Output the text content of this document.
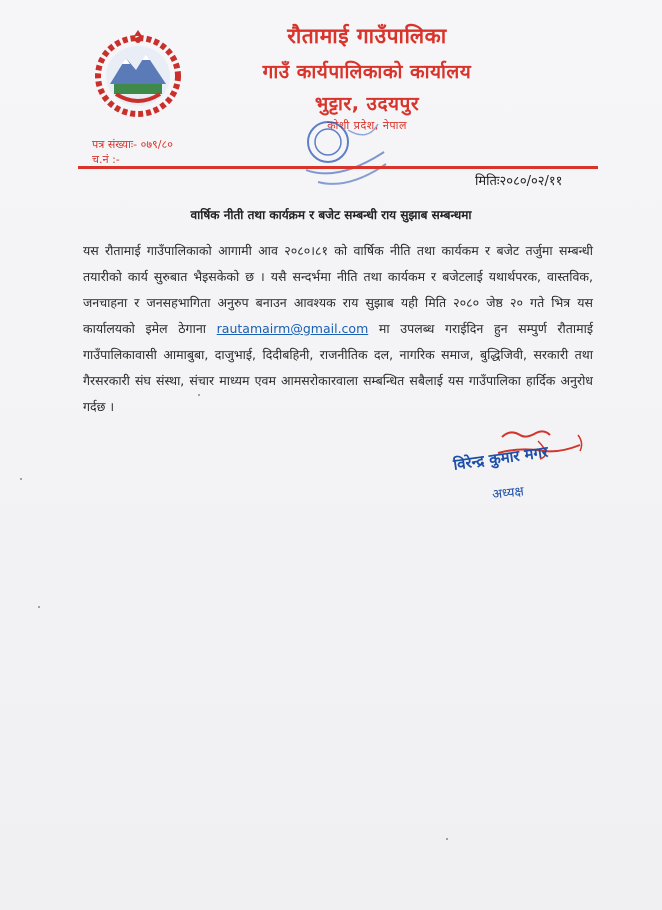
रौतामाई गाउँपालिका
गाउँ कार्यपालिकाको कार्यालय
भुट्टार, उदयपुर
कोशी प्रदेश, नेपाल
पत्र संख्याः- ०७९/८०
च.नं :-
मितिः२०८०/०२/११
वार्षिक नीती तथा कार्यक्रम र बजेट सम्बन्धी राय सुझाब सम्बन्धमा
यस रौतामाई गाउँपालिकाको आगामी आव २०८०।८१ को वार्षिक नीति तथा कार्यकम र बजेट तर्जुमा सम्बन्धी तयारीको कार्य सुरुबात भैइसकेको छ । यसै सन्दर्भमा नीति तथा कार्यकम र बजेटलाई यथार्थपरक, वास्तविक, जनचाहना र जनसहभागिता अनुरुप बनाउन आवश्यक राय सुझाब यही मिति २०८० जेष्ठ २० गते भित्र यस कार्यालयको इमेल ठेगाना rautamairm@gmail.com मा उपलब्ध गराईदिन हुन सम्पुर्ण रौतामाई गाउँपालिकावासी आमाबुबा, दाजुभाई, दिदीबहिनी, राजनीतिक दल, नागरिक समाज, बुद्धिजिवी, सरकारी तथा गैरसरकारी संघ संस्था, संचार माध्यम एवम आमसरोकारवाला सम्बन्धित सबैलाई यस गाउँपालिका हार्दिक अनुरोध गर्दछ ।
विरेन्द्र कुमार मगर
अध्यक्ष
